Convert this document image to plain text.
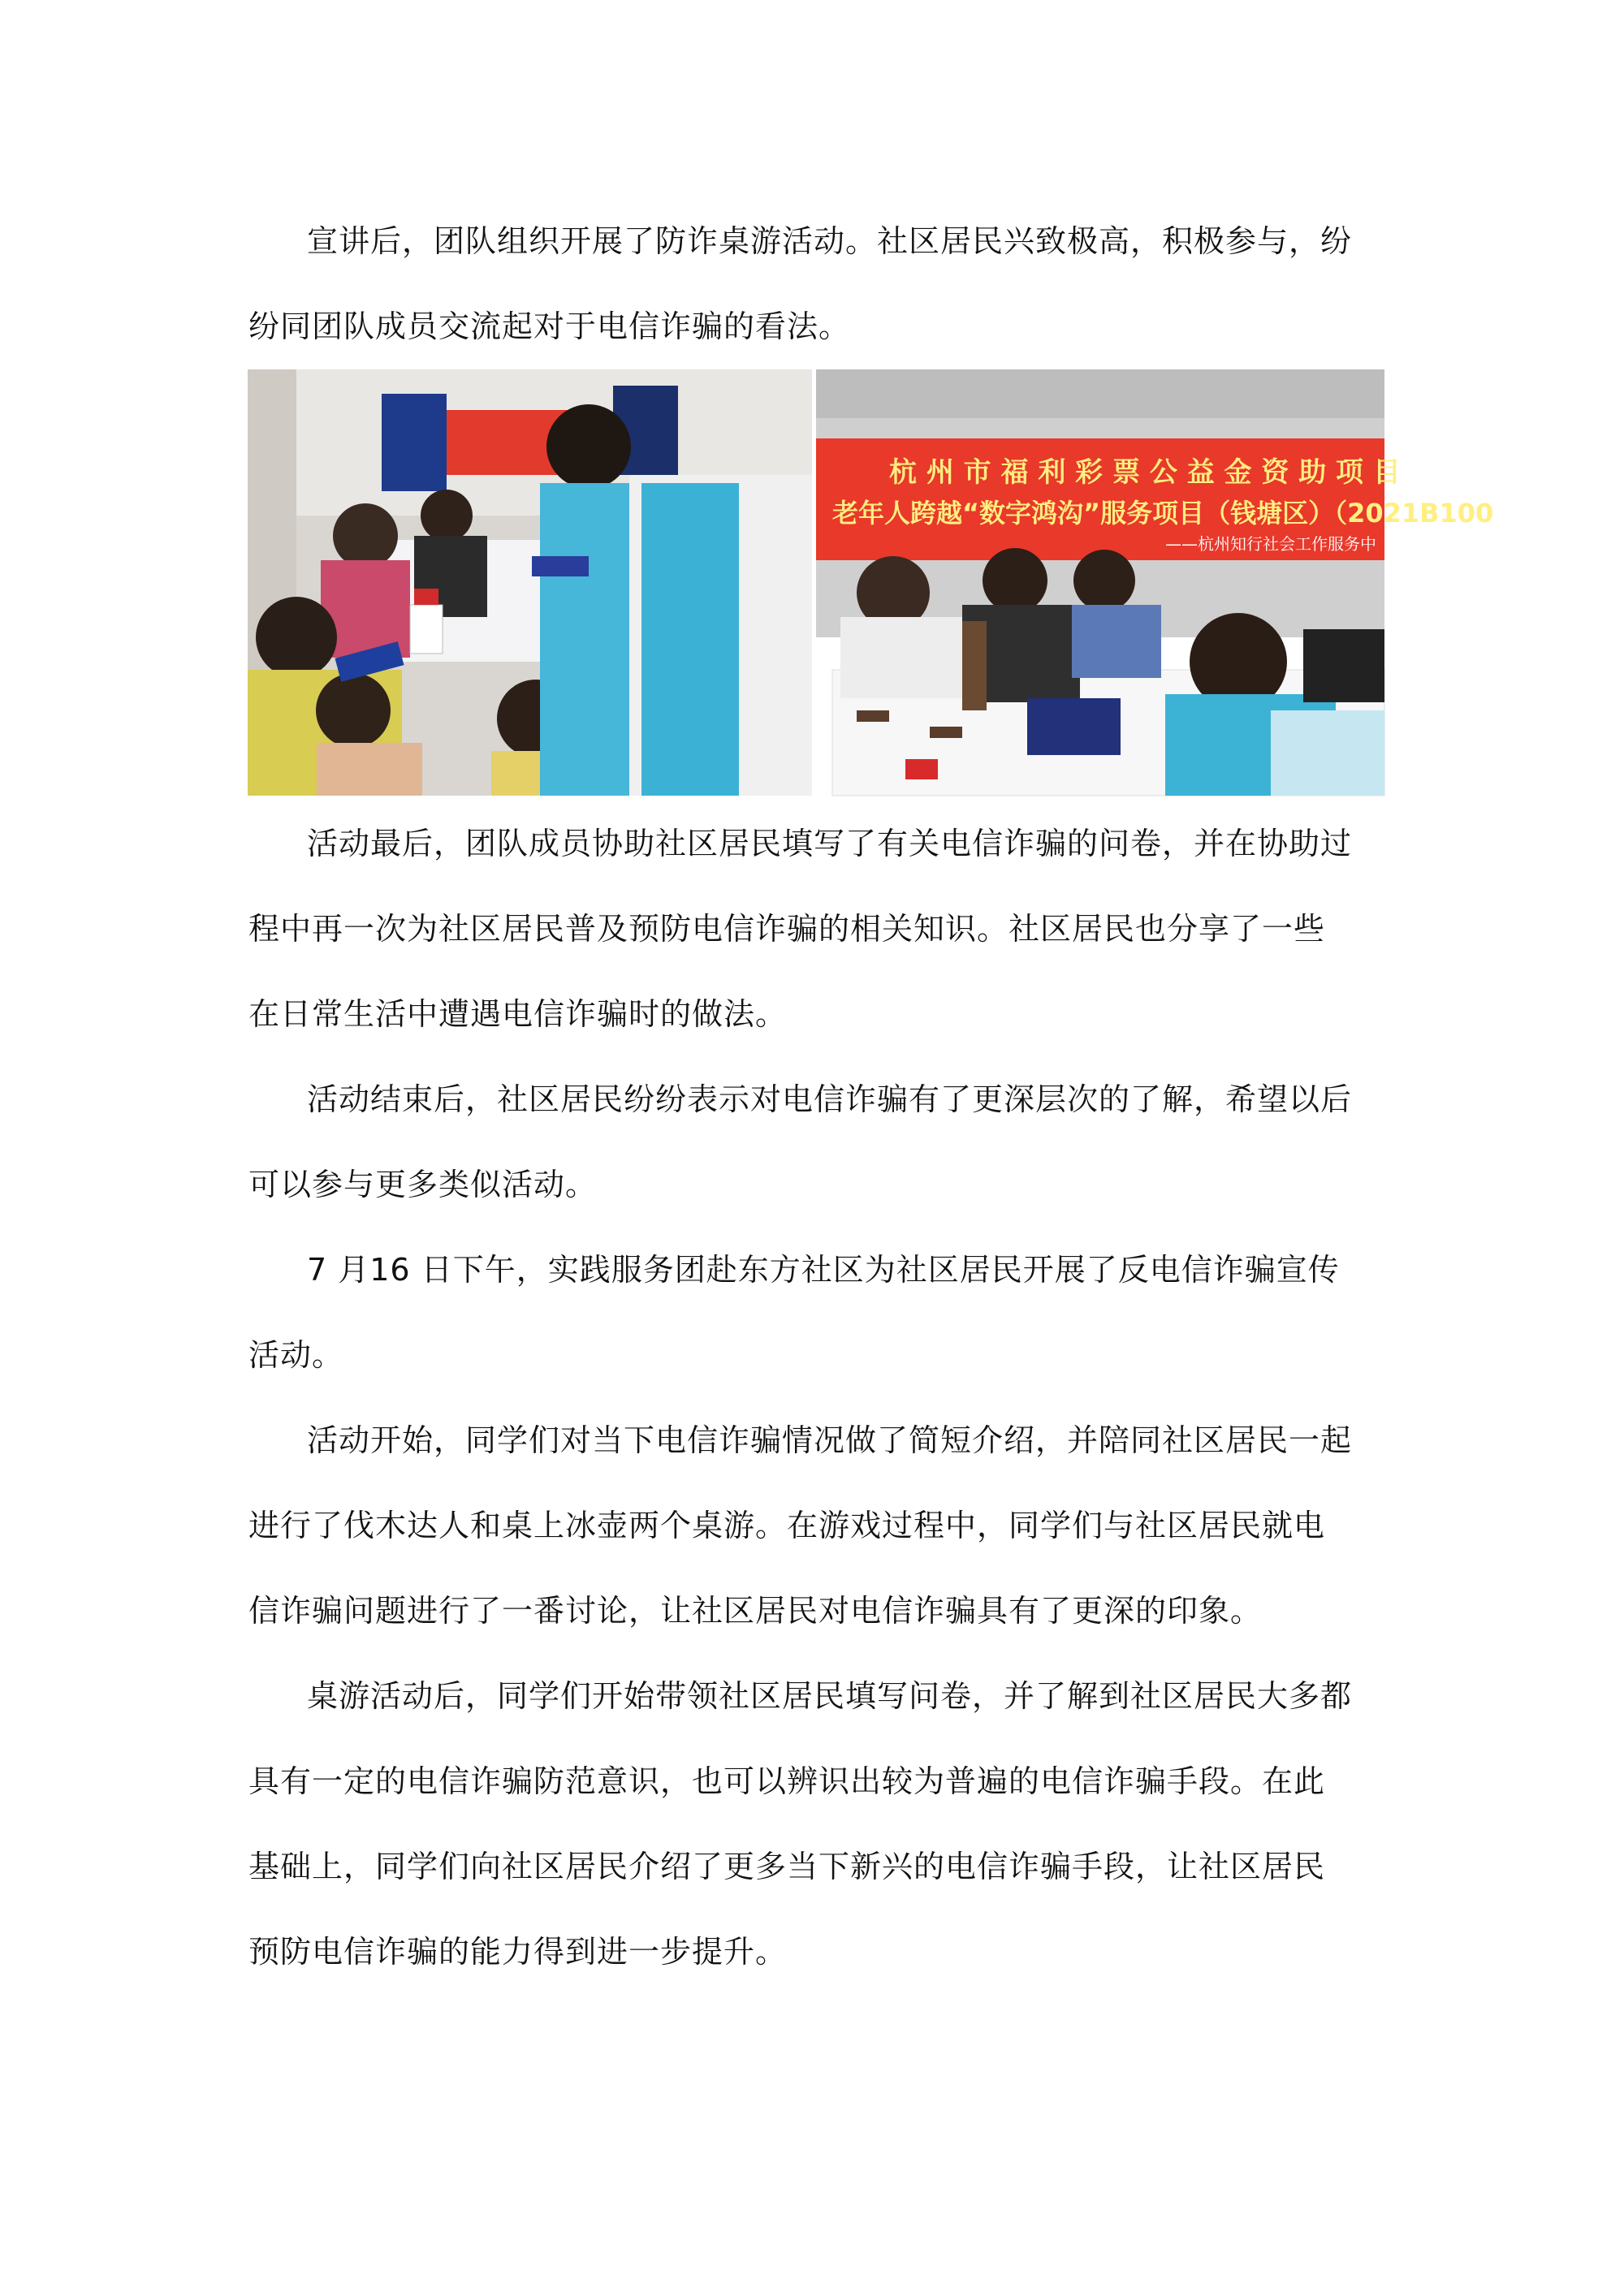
宣讲后，团队组织开展了防诈桌游活动。社区居民兴致极高，积极参与，纷
纷同团队成员交流起对于电信诈骗的看法。

杭 州 市 福 利 彩 票 公 益 金 资 助 项 目
老年人跨越“数字鸿沟”服务项目（钱塘区）（2021B100
——杭州知行社会工作服务中

活动最后，团队成员协助社区居民填写了有关电信诈骗的问卷，并在协助过
程中再一次为社区居民普及预防电信诈骗的相关知识。社区居民也分享了一些
在日常生活中遭遇电信诈骗时的做法。

活动结束后，社区居民纷纷表示对电信诈骗有了更深层次的了解，希望以后
可以参与更多类似活动。

7 月16 日下午，实践服务团赴东方社区为社区居民开展了反电信诈骗宣传
活动。

活动开始，同学们对当下电信诈骗情况做了简短介绍，并陪同社区居民一起
进行了伐木达人和桌上冰壶两个桌游。在游戏过程中，同学们与社区居民就电
信诈骗问题进行了一番讨论，让社区居民对电信诈骗具有了更深的印象。

桌游活动后，同学们开始带领社区居民填写问卷，并了解到社区居民大多都
具有一定的电信诈骗防范意识，也可以辨识出较为普遍的电信诈骗手段。在此
基础上，同学们向社区居民介绍了更多当下新兴的电信诈骗手段，让社区居民
预防电信诈骗的能力得到进一步提升。
